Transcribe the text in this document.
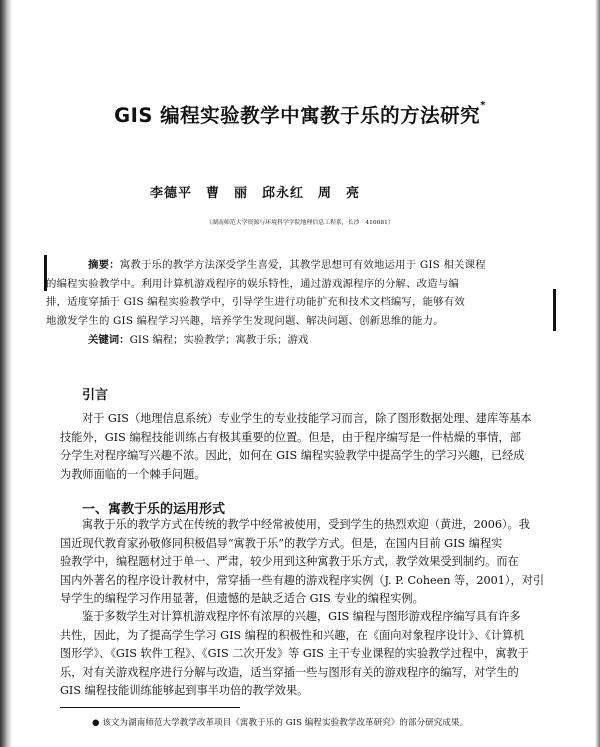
GIS 编程实验教学中寓教于乐的方法研究*
李德平　曹　丽　邱永红　周　亮
（湖南师范大学资源与环境科学学院地理信息工程系，长沙　410081）
摘要：寓教于乐的教学方法深受学生喜爱，其教学思想可有效地运用于 GIS 相关课程
的编程实验教学中。利用计算机游戏程序的娱乐特性，通过游戏源程序的分解、改造与编
排，适度穿插于 GIS 编程实验教学中，引导学生进行功能扩充和技术文档编写，能够有效
地激发学生的 GIS 编程学习兴趣，培养学生发现问题、解决问题、创新思维的能力。
关键词：GIS 编程；实验教学；寓教于乐；游戏
引言
对于 GIS（地理信息系统）专业学生的专业技能学习而言，除了图形数据处理、建库等基本
技能外，GIS 编程技能训练占有极其重要的位置。但是，由于程序编写是一件枯燥的事情，部
分学生对程序编写兴趣不浓。因此，如何在 GIS 编程实验教学中提高学生的学习兴趣，已经成
为教师面临的一个棘手问题。
一、寓教于乐的运用形式
寓教于乐的教学方式在传统的教学中经常被使用，受到学生的热烈欢迎（黄进，2006）。我
国近现代教育家孙敬修同积极倡导“寓教于乐”的教学方式。但是，在国内目前 GIS 编程实
验教学中，编程题材过于单一、严肃，较少用到这种寓教于乐方式，教学效果受到制约。而在
国内外著名的程序设计教材中，常穿插一些有趣的游戏程序实例（J. P. Coheen 等，2001），对引
导学生的编程学习作用显著，但遗憾的是缺乏适合 GIS 专业的编程实例。
鉴于多数学生对计算机游戏程序怀有浓厚的兴趣，GIS 编程与图形游戏程序编写具有许多
共性，因此，为了提高学生学习 GIS 编程的积极性和兴趣，在《面向对象程序设计》、《计算机
图形学》、《GIS 软件工程》、《GIS 二次开发》等 GIS 主干专业课程的实验教学过程中，寓教于
乐，对有关游戏程序进行分解与改造，适当穿插一些与图形有关的游戏程序的编写，对学生的
GIS 编程技能训练能够起到事半功倍的教学效果。
● 该文为湖南师范大学教学改革项目《寓教于乐的 GIS 编程实验教学改革研究》的部分研究成果。
